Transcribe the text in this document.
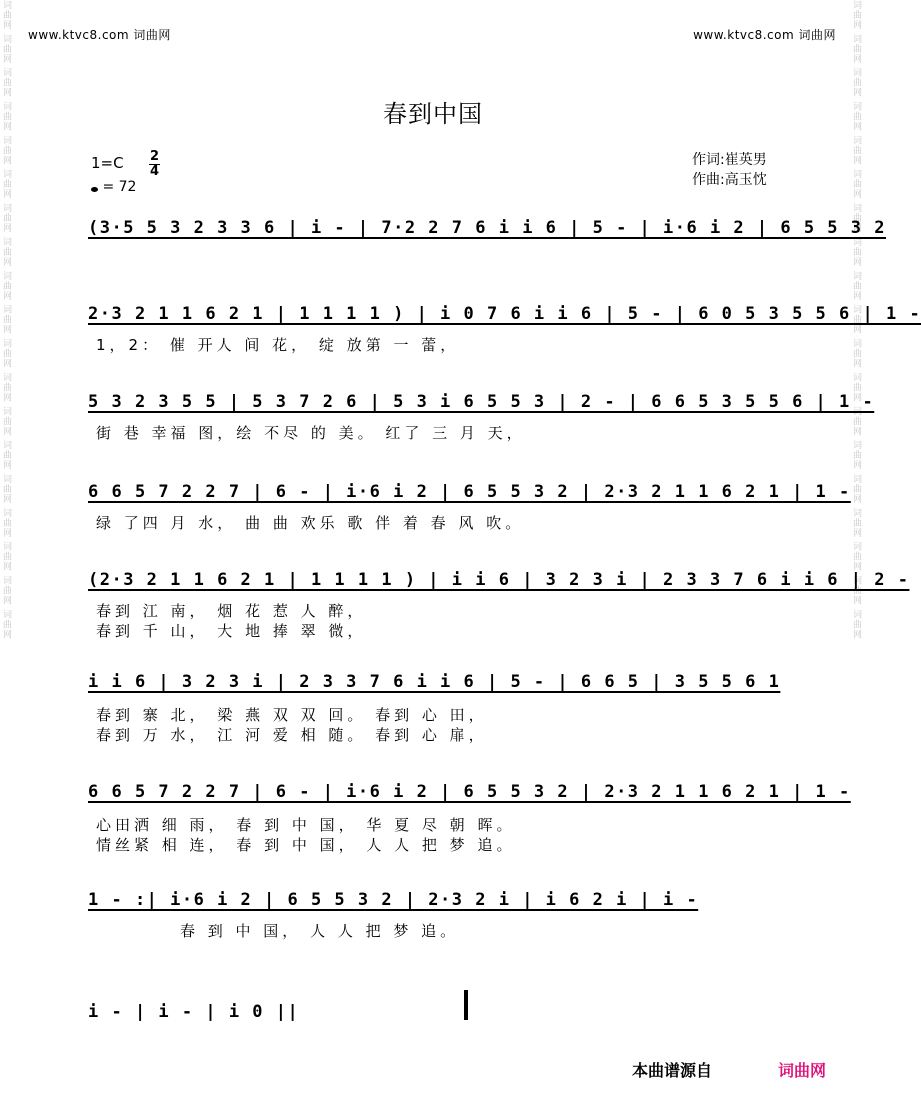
词曲网 词曲网 词曲网 词曲网 词曲网 词曲网 词曲网 词曲网 词曲网 词曲网 词曲网 词曲网 词曲网 词曲网 词曲网 词曲网 词曲网 词曲网 词曲网	词曲网 词曲网 词曲网 词曲网 词曲网 词曲网 词曲网 词曲网 词曲网 词曲网 词曲网 词曲网 词曲网 词曲网 词曲网 词曲网 词曲网 词曲网 词曲网
www.ktvc8.com 词曲网	www.ktvc8.com 词曲网
春到中国
1=C 2
4
= 72
作词:崔英男
作曲:高玉忱
(3·5 5 3 2 3 3 6 | i - | 7·2 2 7 6 i i 6 | 5 - | i·6 i 2 | 6 5 5 3 2
2·3 2 1 1 6 2 1 | 1 1 1 1 ) | i 0 7 6 i i 6 | 5 - | 6 0 5 3 5 5 6 | 1 -
1，2： 催 开人 间 花， 绽 放第 一 蕾，
5 3 2 3 5 5 | 5 3 7 2 6 | 5 3 i 6 5 5 3 | 2 - | 6 6 5 3 5 5 6 | 1 -
街 巷 幸福 图，绘 不尽 的 美。 红了 三 月 天，
6 6 5 7 2 2 7 | 6 - | i·6 i 2 | 6 5 5 3 2 | 2·3 2 1 1 6 2 1 | 1 -
绿 了四 月 水， 曲 曲 欢乐 歌 伴 着 春 风 吹。
(2·3 2 1 1 6 2 1 | 1 1 1 1 ) | i i 6 | 3 2 3 i | 2 3 3 7 6 i i 6 | 2 -
春到 江 南， 烟 花 惹 人 醉，
春到 千 山， 大 地 捧 翠 微，
i i 6 | 3 2 3 i | 2 3 3 7 6 i i 6 | 5 - | 6 6 5 | 3 5 5 6 1
春到 寨 北， 梁 燕 双 双 回。 春到 心 田，
春到 万 水， 江 河 爱 相 随。 春到 心 扉，
6 6 5 7 2 2 7 | 6 - | i·6 i 2 | 6 5 5 3 2 | 2·3 2 1 1 6 2 1 | 1 -
心田洒 细 雨， 春 到 中 国， 华 夏 尽 朝 晖。
情丝紧 相 连， 春 到 中 国， 人 人 把 梦 追。
1 - :| i·6 i 2 | 6 5 5 3 2 | 2·3 2 i | i 6 2 i | i -
春 到 中 国， 人 人 把 梦 追。
i - | i - | i 0 ||
本曲谱源自	词曲网
